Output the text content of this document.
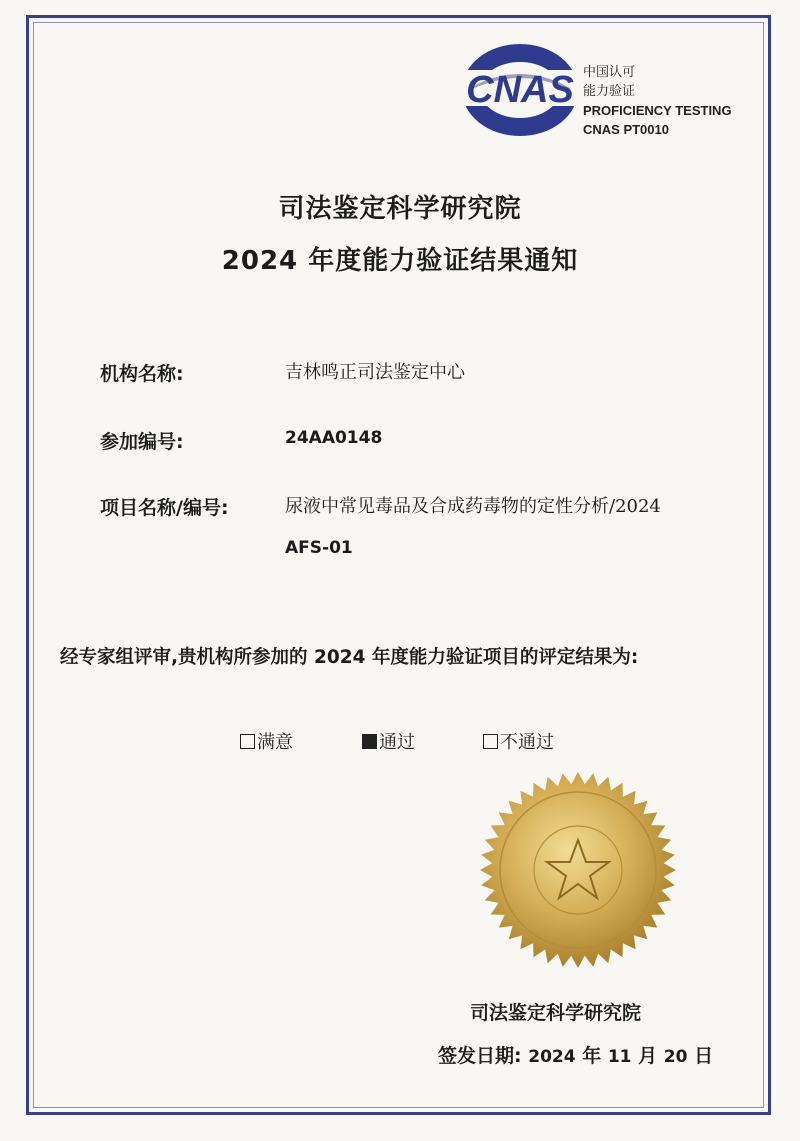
CNAS 中国认可
能力验证
PROFICIENCY TESTING
CNAS PT0010
司法鉴定科学研究院
2024 年度能力验证结果通知
机构名称:	吉林鸣正司法鉴定中心
参加编号:	24AA0148
项目名称/编号:	尿液中常见毒品及合成药毒物的定性分析/2024
AFS-01
经专家组评审,贵机构所参加的 2024 年度能力验证项目的评定结果为:
满意	通过	不通过
司法鉴定科学研究院
签发日期: 2024 年 11 月 20 日
